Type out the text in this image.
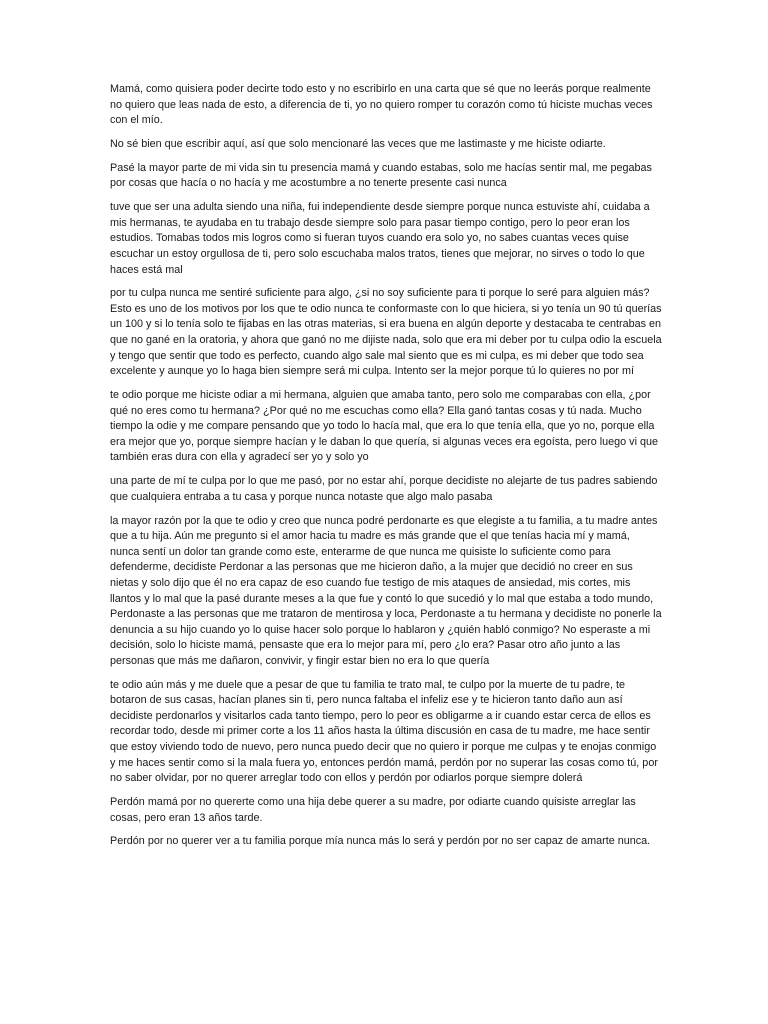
Mamá, como quisiera poder decirte todo esto y no escribirlo en una carta que sé que no leerás porque realmente no quiero que leas nada de esto, a diferencia de ti, yo no quiero romper tu corazón como tú hiciste muchas veces con el mío.

No sé bien que escribir aquí, así que solo mencionaré las veces que me lastimaste y me hiciste odiarte.

Pasé la mayor parte de mi vida sin tu presencia mamá y cuando estabas, solo me hacías sentir mal, me pegabas por cosas que hacía o no hacía y me acostumbre a no tenerte presente casi nunca

tuve que ser una adulta siendo una niña, fui independiente desde siempre porque nunca estuviste ahí, cuidaba a mis hermanas, te ayudaba en tu trabajo desde siempre solo para pasar tiempo contigo, pero lo peor eran los estudios. Tomabas todos mis logros como si fueran tuyos cuando era solo yo, no sabes cuantas veces quise escuchar un estoy orgullosa de ti, pero solo escuchaba malos tratos, tienes que mejorar, no sirves o todo lo que haces está mal

por tu culpa nunca me sentiré suficiente para algo, ¿si no soy suficiente para ti porque lo seré para alguien más? Esto es uno de los motivos por los que te odio nunca te conformaste con lo que hiciera, si yo tenía un 90 tú querías un 100 y si lo tenía solo te fijabas en las otras materias, si era buena en algún deporte y destacaba te centrabas en que no gané en la oratoria, y ahora que ganó no me dijiste nada, solo que era mi deber por tu culpa odio la escuela y tengo que sentir que todo es perfecto, cuando algo sale mal siento que es mi culpa, es mi deber que todo sea excelente y aunque yo lo haga bien siempre será mi culpa. Intento ser la mejor porque tú lo quieres no por mí

te odio porque me hiciste odiar a mi hermana, alguien que amaba tanto, pero solo me comparabas con ella, ¿por qué no eres como tu hermana? ¿Por qué no me escuchas como ella? Ella ganó tantas cosas y tú nada. Mucho tiempo la odie y me compare pensando que yo todo lo hacía mal, que era lo que tenía ella, que yo no, porque ella era mejor que yo, porque siempre hacían y le daban lo que quería, si algunas veces era egoísta, pero luego vi que también eras dura con ella y agradecí ser yo y solo yo

una parte de mí te culpa por lo que me pasó, por no estar ahí, porque decidiste no alejarte de tus padres sabiendo que cualquiera entraba a tu casa y porque nunca notaste que algo malo pasaba

la mayor razón por la que te odio y creo que nunca podré perdonarte es que elegiste a tu familia, a tu madre antes que a tu hija. Aún me pregunto si el amor hacia tu madre es más grande que el que tenías hacia mí y mamá, nunca sentí un dolor tan grande como este, enterarme de que nunca me quisiste lo suficiente como para defenderme, decidiste Perdonar a las personas que me hicieron daño, a la mujer que decidió no creer en sus nietas y solo dijo que él no era capaz de eso cuando fue testigo de mis ataques de ansiedad, mis cortes, mis llantos y lo mal que la pasé durante meses a la que fue y contó lo que sucedió y lo mal que estaba a todo mundo, Perdonaste a las personas que me trataron de mentirosa y loca, Perdonaste a tu hermana y decidiste no ponerle la denuncia a su hijo cuando yo lo quise hacer solo porque lo hablaron y ¿quién habló conmigo? No esperaste a mi decisión, solo lo hiciste mamá, pensaste que era lo mejor para mí, pero ¿lo era? Pasar otro año junto a las personas que más me dañaron, convivir, y fingir estar bien no era lo que quería

te odio aún más y me duele que a pesar de que tu familia te trato mal, te culpo por la muerte de tu padre, te botaron de sus casas, hacían planes sin ti, pero nunca faltaba el infeliz ese y te hicieron tanto daño aun así decidiste perdonarlos y visitarlos cada tanto tiempo, pero lo peor es obligarme a ir cuando estar cerca de ellos es recordar todo, desde mi primer corte a los 11 años hasta la última discusión en casa de tu madre, me hace sentir que estoy viviendo todo de nuevo, pero nunca puedo decir que no quiero ir porque me culpas y te enojas conmigo y me haces sentir como si la mala fuera yo, entonces perdón mamá, perdón por no superar las cosas como tú, por no saber olvidar, por no querer arreglar todo con ellos y perdón por odiarlos porque siempre dolerá

Perdón mamá por no quererte como una hija debe querer a su madre, por odiarte cuando quisiste arreglar las cosas, pero eran 13 años tarde.

Perdón por no querer ver a tu familia porque mía nunca más lo será y perdón por no ser capaz de amarte nunca.
